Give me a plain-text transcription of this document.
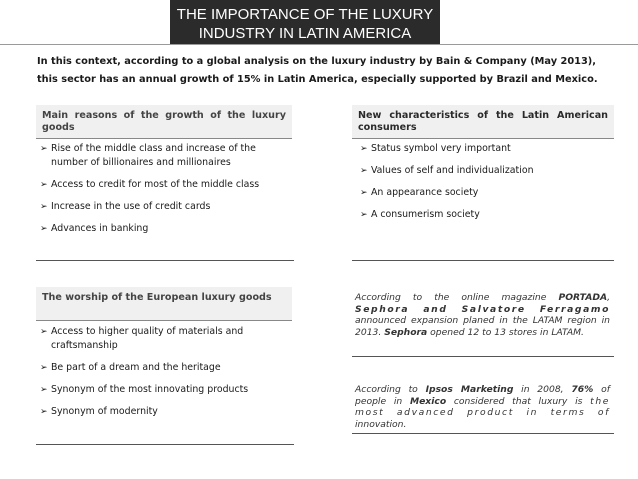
THE IMPORTANCE OF THE LUXURY
INDUSTRY IN LATIN AMERICA
In this context, according to a global analysis on the luxury industry by Bain & Company (May 2013),
this sector has an annual growth of 15% in Latin America, especially supported by Brazil and Mexico.
Main reasons of the growth of the luxury goods
➢ Rise of the middle class and increase of the number of billionaires and millionaires
➢ Access to credit for most of the middle class
➢ Increase in the use of credit cards
➢ Advances in banking
New characteristics of the Latin American consumers
➢ Status symbol very important
➢ Values of self and individualization
➢ An appearance society
➢ A consumerism society
The worship of the European luxury goods
➢ Access to higher quality of materials and craftsmanship
➢ Be part of a dream and the heritage
➢ Synonym of the most innovating products
➢ Synonym of modernity
According to the online magazine PORTADA, Sephora and Salvatore Ferragamo announced expansion planed in the LATAM region in 2013. Sephora opened 12 to 13 stores in LATAM.
According to Ipsos Marketing in 2008, 76% of people in Mexico considered that luxury is the most advanced product in terms of innovation.
